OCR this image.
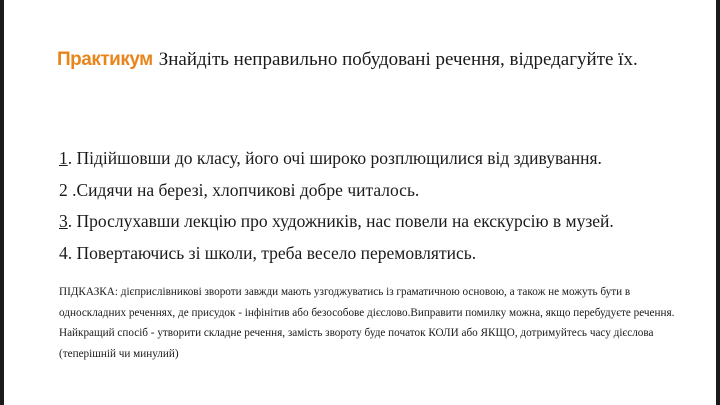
Практикум Знайдіть неправильно побудовані речення, відредагуйте їх.
1. Підійшовши до класу, його очі широко розплющилися від здивування.
2 .Сидячи на березі, хлопчикові добре читалось.
3. Прослухавши лекцію про художників, нас повели на екскурсію в музей.
4. Повертаючись зі школи, треба весело перемовлятись.

ПІДКАЗКА: дієприслівникові звороти завжди мають узгоджуватись із граматичною основою, а також не можуть бути в односкладних реченнях, де присудок - інфінітив або безособове дієслово.Виправити помилку можна, якщо перебудуєте речення. Найкращий спосіб - утворити складне речення, замість звороту буде початок КОЛИ або ЯКЩО, дотримуйтесь часу дієслова (теперішній чи минулий)
